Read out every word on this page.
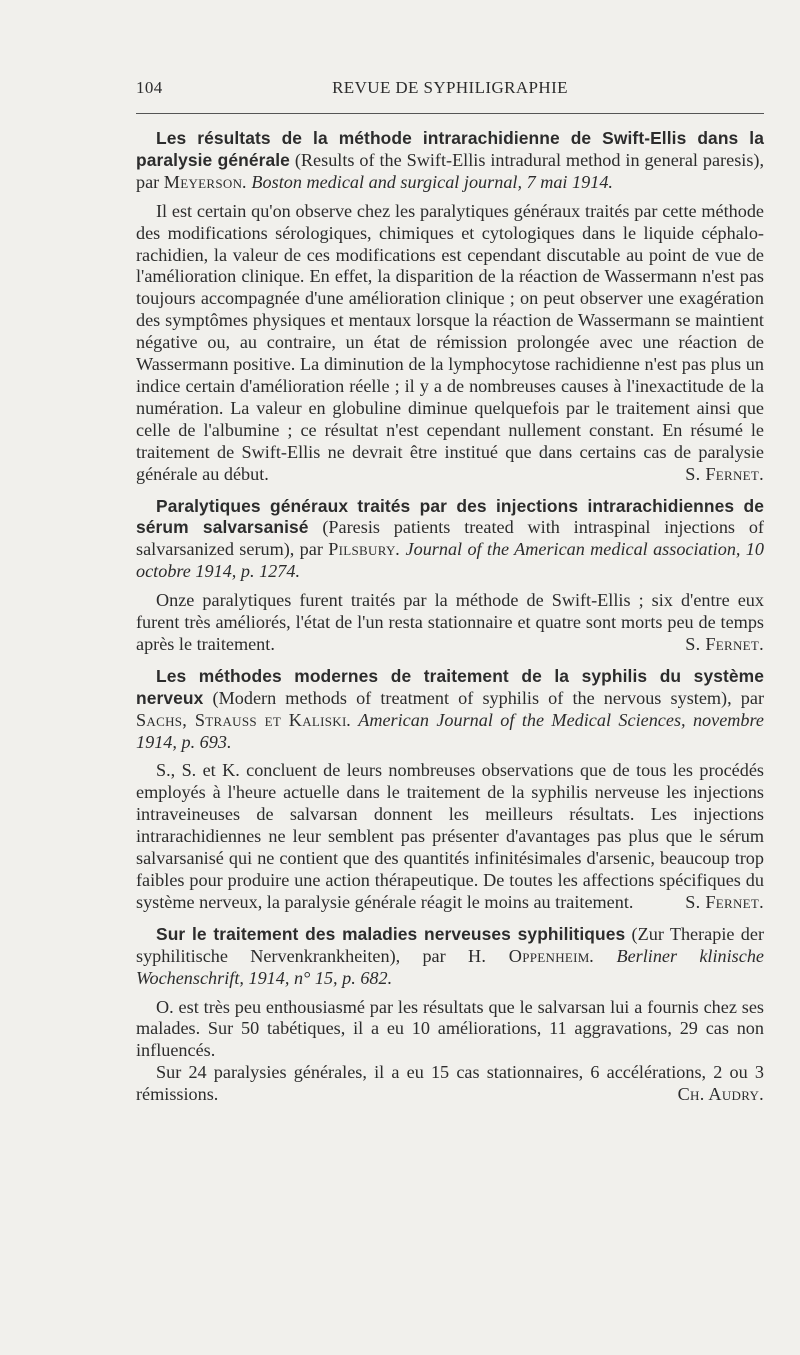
104	REVUE DE SYPHILIGRAPHIE

Les résultats de la méthode intrarachidienne de Swift-Ellis dans la paralysie générale (Results of the Swift-Ellis intradural method in general paresis), par Meyerson. Boston medical and surgical journal, 7 mai 1914.

Il est certain qu'on observe chez les paralytiques généraux traités par cette méthode des modifications sérologiques, chimiques et cytologiques dans le liquide céphalo-rachidien, la valeur de ces modifications est cependant discutable au point de vue de l'amélioration clinique. En effet, la disparition de la réaction de Wassermann n'est pas toujours accompagnée d'une amélioration clinique ; on peut observer une exagération des symptômes physiques et mentaux lorsque la réaction de Wassermann se maintient négative ou, au contraire, un état de rémission prolongée avec une réaction de Wassermann positive. La diminution de la lymphocytose rachidienne n'est pas plus un indice certain d'amélioration réelle ; il y a de nombreuses causes à l'inexactitude de la numération. La valeur en globuline diminue quelquefois par le traitement ainsi que celle de l'albumine ; ce résultat n'est cependant nullement constant. En résumé le traitement de Swift-Ellis ne devrait être institué que dans certains cas de paralysie générale au début.	S. Fernet.

Paralytiques généraux traités par des injections intrarachidiennes de sérum salvarsanisé (Paresis patients treated with intraspinal injections of salvarsanized serum), par Pilsbury. Journal of the American medical association, 10 octobre 1914, p. 1274.

Onze paralytiques furent traités par la méthode de Swift-Ellis ; six d'entre eux furent très améliorés, l'état de l'un resta stationnaire et quatre sont morts peu de temps après le traitement.	S. Fernet.

Les méthodes modernes de traitement de la syphilis du système nerveux (Modern methods of treatment of syphilis of the nervous system), par Sachs, Strauss et Kaliski. American Journal of the Medical Sciences, novembre 1914, p. 693.

S., S. et K. concluent de leurs nombreuses observations que de tous les procédés employés à l'heure actuelle dans le traitement de la syphilis nerveuse les injections intraveineuses de salvarsan donnent les meilleurs résultats. Les injections intrarachidiennes ne leur semblent pas présenter d'avantages pas plus que le sérum salvarsanisé qui ne contient que des quantités infinitésimales d'arsenic, beaucoup trop faibles pour produire une action thérapeutique. De toutes les affections spécifiques du système nerveux, la paralysie générale réagit le moins au traitement.	S. Fernet.

Sur le traitement des maladies nerveuses syphilitiques (Zur Therapie der syphilitische Nervenkrankheiten), par H. Oppenheim. Berliner klinische Wochenschrift, 1914, n° 15, p. 682.

O. est très peu enthousiasmé par les résultats que le salvarsan lui a fournis chez ses malades. Sur 50 tabétiques, il a eu 10 améliorations, 11 aggravations, 29 cas non influencés.

Sur 24 paralysies générales, il a eu 15 cas stationnaires, 6 accélérations, 2 ou 3 rémissions.	Ch. Audry.
